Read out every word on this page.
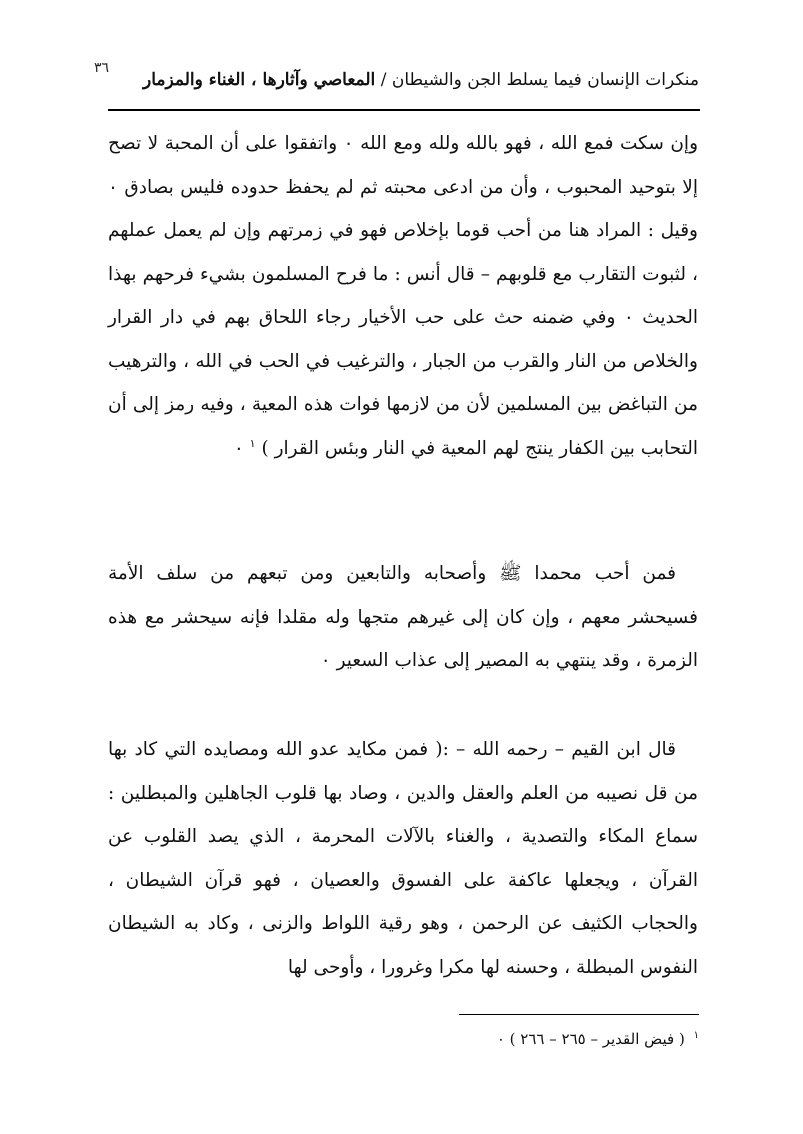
٣٦
منكرات الإنسان فيما يسلط الجن والشيطان / المعاصي وآثارها ، الغناء والمزمار

وإن سكت فمع الله ، فهو بالله ولله ومع الله ٠ واتفقوا على أن المحبة لا تصح إلا بتوحيد المحبوب ، وأن من ادعى محبته ثم لم يحفظ حدوده فليس بصادق ٠ وقيل : المراد هنا من أحب قوما بإخلاص فهو في زمرتهم وإن لم يعمل عملهم ، لثبوت التقارب مع قلوبهم – قال أنس : ما فرح المسلمون بشيء فرحهم بهذا الحديث ٠ وفي ضمنه حث على حب الأخيار رجاء اللحاق بهم في دار القرار والخلاص من النار والقرب من الجبار ، والترغيب في الحب في الله ، والترهيب من التباغض بين المسلمين لأن من لازمها فوات هذه المعية ، وفيه رمز إلى أن التحابب بين الكفار ينتج لهم المعية في النار وبئس القرار ) $^١$ ٠

فمن أحب محمدا ﷺ وأصحابه والتابعين ومن تبعهم من سلف الأمة فسيحشر معهم ، وإن كان إلى غيرهم متجها وله مقلدا فإنه سيحشر مع هذه الزمرة ، وقد ينتهي به المصير إلى عذاب السعير ٠

قال ابن القيم – رحمه الله – :( فمن مكايد عدو الله ومصايده التي كاد بها من قل نصيبه من العلم والعقل والدين ، وصاد بها قلوب الجاهلين والمبطلين : سماع المكاء والتصدية ، والغناء بالآلات المحرمة ، الذي يصد القلوب عن القرآن ، ويجعلها عاكفة على الفسوق والعصيان ، فهو قرآن الشيطان ، والحجاب الكثيف عن الرحمن ، وهو رقية اللواط والزنى ، وكاد به الشيطان النفوس المبطلة ، وحسنه لها مكرا وغرورا ، وأوحى لها

$^١$ ( فيض القدير – ٢٦٥ – ٢٦٦ ) ٠
